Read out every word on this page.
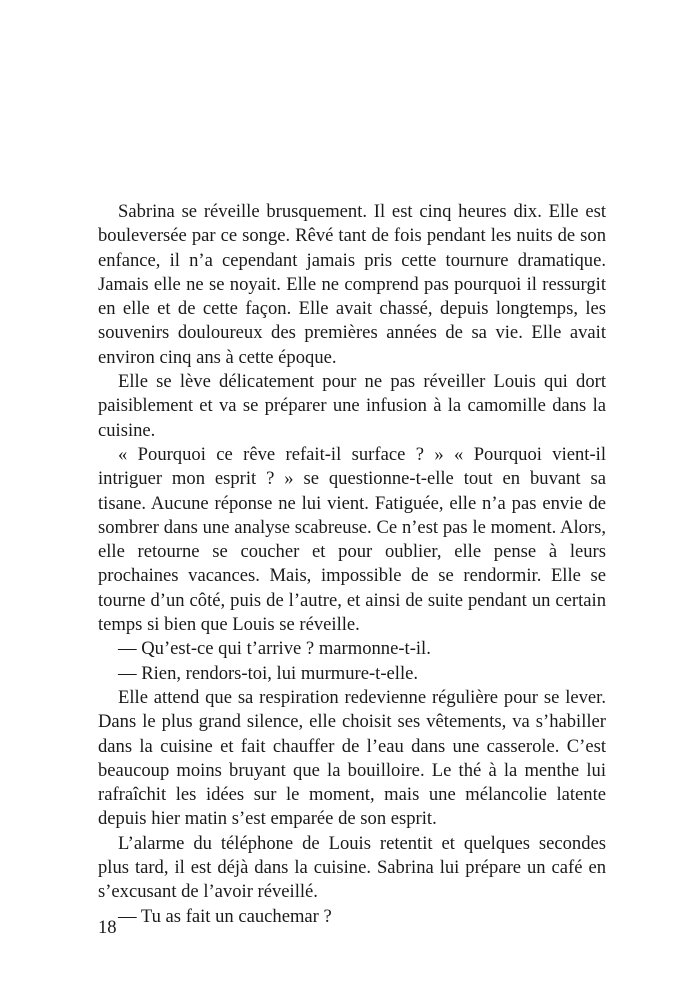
Sabrina se réveille brusquement. Il est cinq heures dix. Elle est bouleversée par ce songe. Rêvé tant de fois pendant les nuits de son enfance, il n’a cependant jamais pris cette tournure dramatique. Jamais elle ne se noyait. Elle ne comprend pas pourquoi il ressurgit en elle et de cette façon. Elle avait chassé, depuis longtemps, les souvenirs douloureux des premières années de sa vie. Elle avait environ cinq ans à cette époque.

Elle se lève délicatement pour ne pas réveiller Louis qui dort paisiblement et va se préparer une infusion à la camomille dans la cuisine.

« Pourquoi ce rêve refait-il surface ? » « Pourquoi vient-il intriguer mon esprit ? » se questionne-t-elle tout en buvant sa tisane. Aucune réponse ne lui vient. Fatiguée, elle n’a pas envie de sombrer dans une analyse scabreuse. Ce n’est pas le moment. Alors, elle retourne se coucher et pour oublier, elle pense à leurs prochaines vacances. Mais, impossible de se rendormir. Elle se tourne d’un côté, puis de l’autre, et ainsi de suite pendant un certain temps si bien que Louis se réveille.

— Qu’est-ce qui t’arrive ? marmonne-t-il.

— Rien, rendors-toi, lui murmure-t-elle.

Elle attend que sa respiration redevienne régulière pour se lever. Dans le plus grand silence, elle choisit ses vêtements, va s’habiller dans la cuisine et fait chauffer de l’eau dans une casserole. C’est beaucoup moins bruyant que la bouilloire. Le thé à la menthe lui rafraîchit les idées sur le moment, mais une mélancolie latente depuis hier matin s’est emparée de son esprit.

L’alarme du téléphone de Louis retentit et quelques secondes plus tard, il est déjà dans la cuisine. Sabrina lui prépare un café en s’excusant de l’avoir réveillé.

— Tu as fait un cauchemar ?

18
